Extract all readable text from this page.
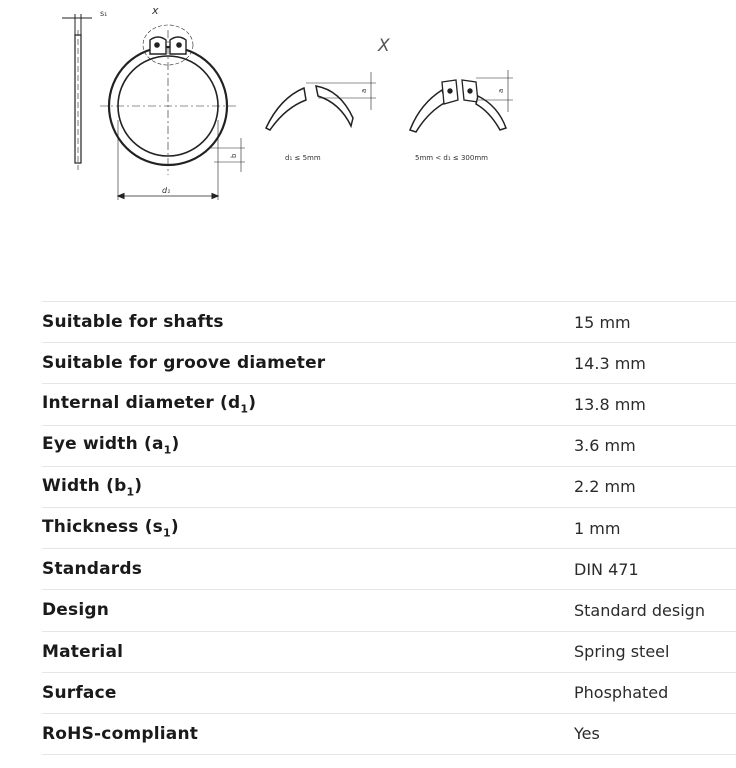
s₁	x
X
d₁
b
a	a
d₁ ≤ 5mm	5mm < d₁ ≤ 300mm
Suitable for shafts	15 mm
Suitable for groove diameter	14.3 mm
Internal diameter $(d_1)$	13.8 mm
Eye width $(a_1)$	3.6 mm
Width $(b_1)$	2.2 mm
Thickness $(s_1)$	1 mm
Standards	DIN 471
Design	Standard design
Material	Spring steel
Surface	Phosphated
RoHS-compliant	Yes
